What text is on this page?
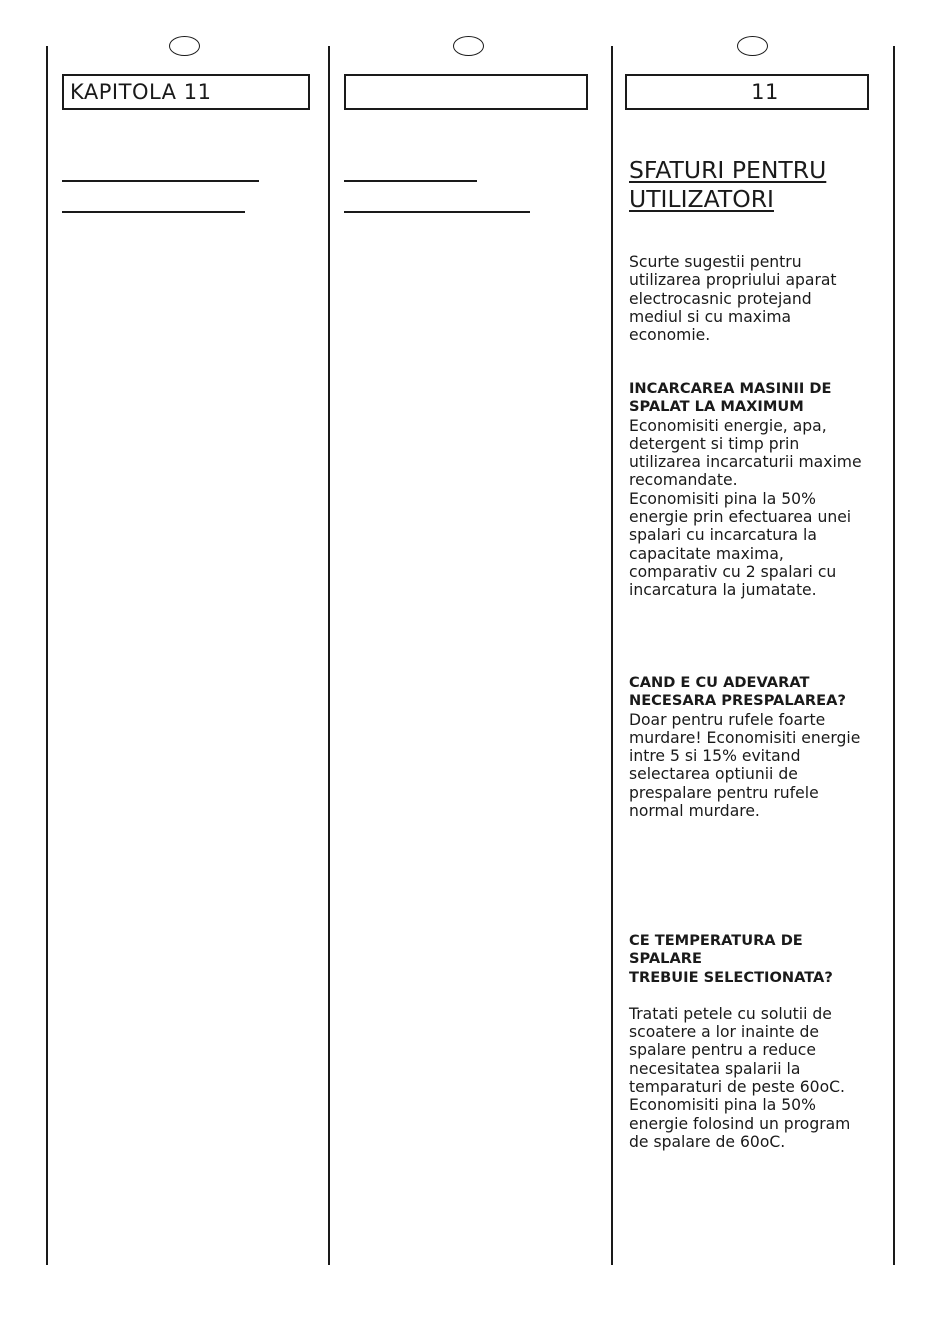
KAPITOLA 11	11
SFATURI PENTRU
UTILIZATORI

Scurte sugestii pentru
utilizarea propriului aparat
electrocasnic protejand
mediul si cu maxima
economie.

INCARCAREA MASINII DE
SPALAT LA MAXIMUM

Economisiti energie, apa,
detergent si timp prin
utilizarea incarcaturii maxime
recomandate.
Economisiti pina la 50%
energie prin efectuarea unei
spalari cu incarcatura la
capacitate maxima,
comparativ cu 2 spalari cu
incarcatura la jumatate.

CAND E CU ADEVARAT
NECESARA PRESPALAREA?

Doar pentru rufele foarte
murdare! Economisiti energie
intre 5 si 15% evitand
selectarea optiunii de
prespalare pentru rufele
normal murdare.

CE TEMPERATURA DE SPALARE
TREBUIE SELECTIONATA?

Tratati petele cu solutii de
scoatere a lor inainte de
spalare pentru a reduce
necesitatea spalarii la
temparaturi de peste 60oC.
Economisiti pina la 50%
energie folosind un program
de spalare de 60oC.
